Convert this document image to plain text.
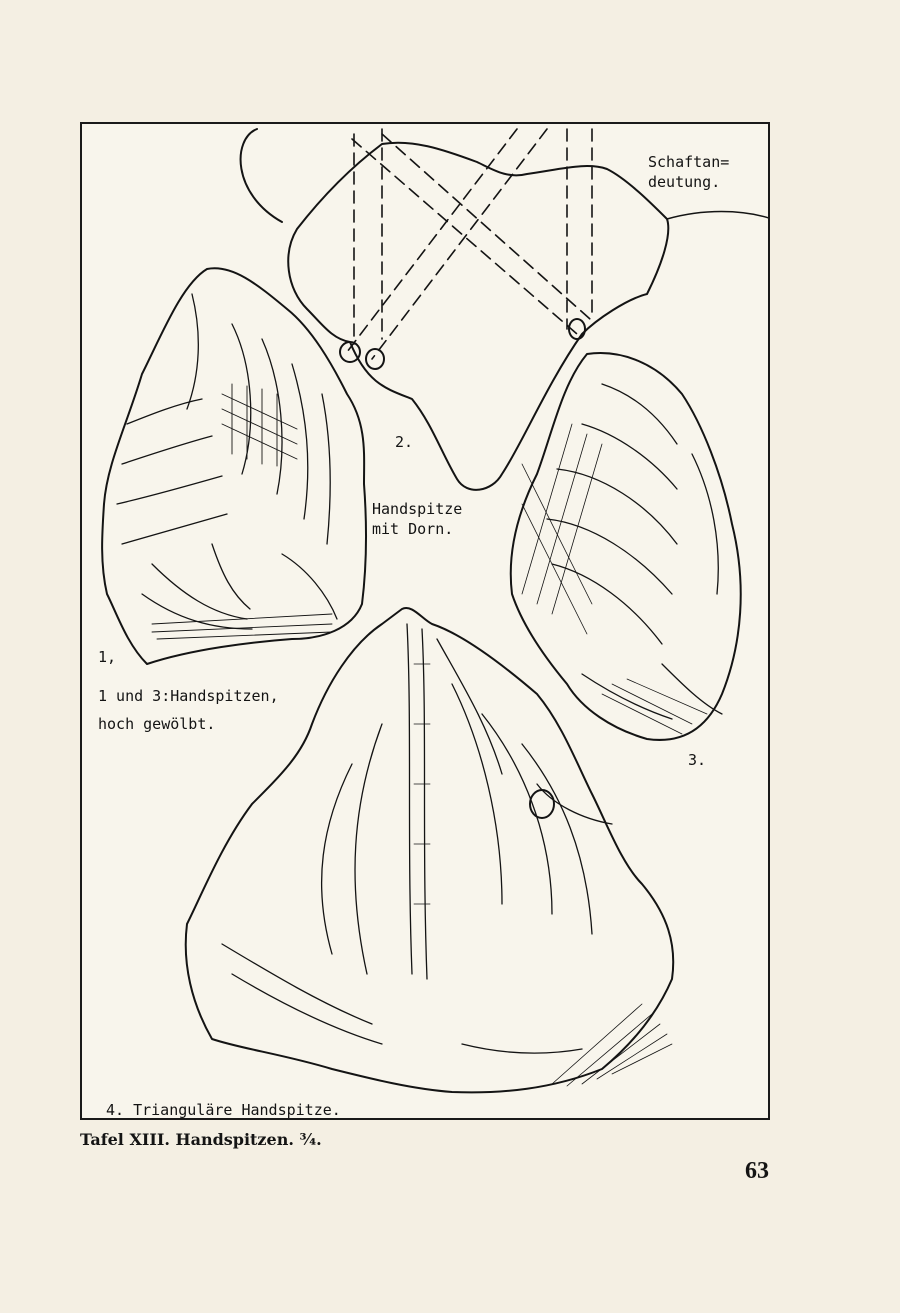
Schaftan=
deutung.
2.
Handspitze
mit Dorn.
1,
1 und 3:Handspitzen,
hoch gewölbt.
3.
4. Trianguläre Handspitze.
Tafel XIII. Handspitzen. ¾.
63
